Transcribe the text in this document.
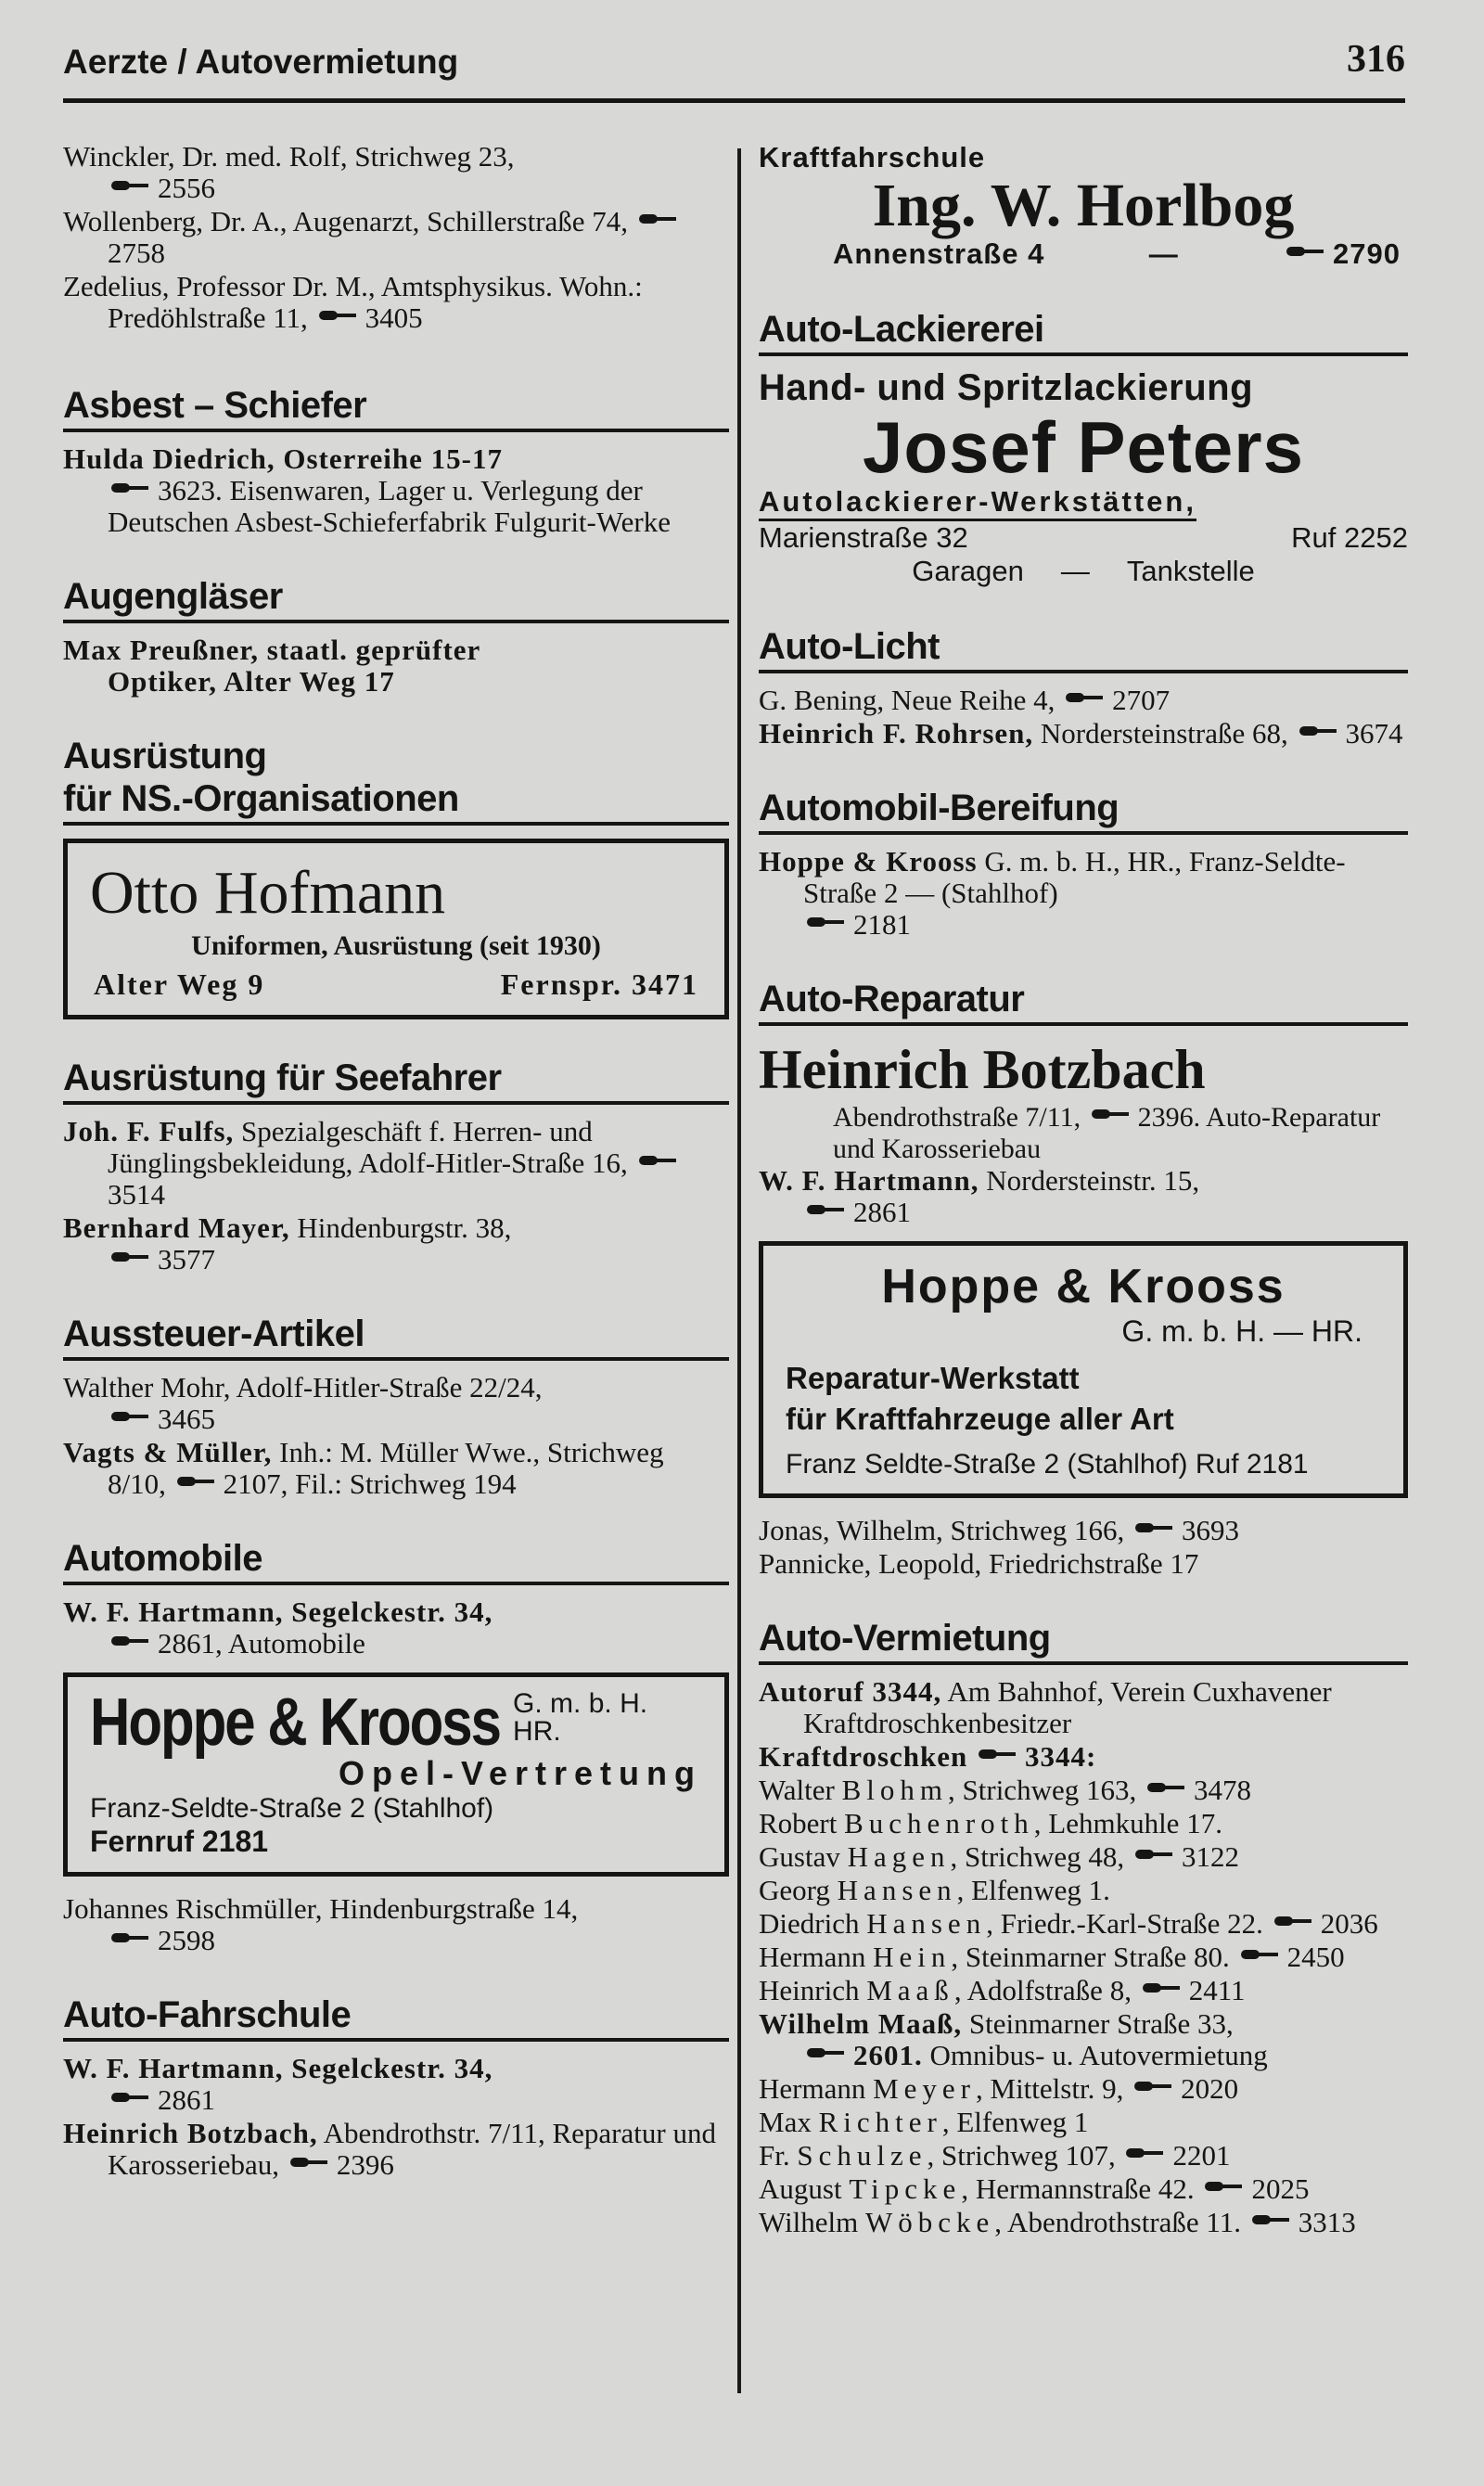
Aerzte / Autovermietung	316
Winckler, Dr. med. Rolf, Strichweg 23,
2556
Wollenberg, Dr. A., Augenarzt, Schillerstraße 74, 2758
Zedelius, Professor Dr. M., Amtsphysikus. Wohn.: Predöhlstraße 11, 3405
Asbest – Schiefer
Hulda Diedrich, Osterreihe 15-17
3623. Eisenwaren, Lager u. Verlegung der Deutschen Asbest-Schieferfabrik Fulgurit-Werke
Augengläser
Max Preußner, staatl. geprüfter
Optiker, Alter Weg 17
Ausrüstung
für NS.-Organisationen
Otto Hofmann
Uniformen, Ausrüstung (seit 1930)
Alter Weg 9	Fernspr. 3471
Ausrüstung für Seefahrer
Joh. F. Fulfs, Spezialgeschäft f. Herren- und Jünglingsbekleidung, Adolf-Hitler-Straße 16, 3514
Bernhard Mayer, Hindenburgstr. 38,
3577
Aussteuer-Artikel
Walther Mohr, Adolf-Hitler-Straße 22/24,
3465
Vagts & Müller, Inh.: M. Müller Wwe., Strichweg 8/10, 2107, Fil.: Strichweg 194
Automobile
W. F. Hartmann, Segelckestr. 34,
2861, Automobile
Hoppe & Krooss G. m. b. H.
HR.
Opel-Vertretung
Franz-Seldte-Straße 2 (Stahlhof)
Fernruf 2181
Johannes Rischmüller, Hindenburgstraße 14,
2598
Auto-Fahrschule
W. F. Hartmann, Segelckestr. 34,
2861
Heinrich Botzbach, Abendrothstr. 7/11, Reparatur und Karosseriebau, 2396
Kraftfahrschule
Ing. W. Horlbog
Annenstraße 4	—	2790
Auto-Lackiererei
Hand- und Spritzlackierung
Josef Peters
Autolackierer-Werkstätten,
Marienstraße 32	Ruf 2252
Garagen — Tankstelle
Auto-Licht
G. Bening, Neue Reihe 4, 2707
Heinrich F. Rohrsen, Nordersteinstraße 68, 3674
Automobil-Bereifung
Hoppe & Krooss G. m. b. H., HR., Franz-Seldte-Straße 2 — (Stahlhof)
2181
Auto-Reparatur
Heinrich Botzbach
Abendrothstraße 7/11, 2396. Auto-Reparatur und Karosseriebau
W. F. Hartmann, Nordersteinstr. 15,
2861
Hoppe & Krooss
G. m. b. H. — HR.
Reparatur-Werkstatt
für Kraftfahrzeuge aller Art
Franz Seldte-Straße 2 (Stahlhof) Ruf 2181
Jonas, Wilhelm, Strichweg 166, 3693
Pannicke, Leopold, Friedrichstraße 17
Auto-Vermietung
Autoruf 3344, Am Bahnhof, Verein Cuxhavener Kraftdroschkenbesitzer
Kraftdroschken 3344:
Walter Blohm, Strichweg 163, 3478
Robert Buchenroth, Lehmkuhle 17.
Gustav Hagen, Strichweg 48, 3122
Georg Hansen, Elfenweg 1.
Diedrich Hansen, Friedr.-Karl-Straße 22. 2036
Hermann Hein, Steinmarner Straße 80. 2450
Heinrich Maaß, Adolfstraße 8, 2411
Wilhelm Maaß, Steinmarner Straße 33,
2601. Omnibus- u. Autovermietung
Hermann Meyer, Mittelstr. 9, 2020
Max Richter, Elfenweg 1
Fr. Schulze, Strichweg 107, 2201
August Tipcke, Hermannstraße 42. 2025
Wilhelm Wöbcke, Abendrothstraße 11. 3313
